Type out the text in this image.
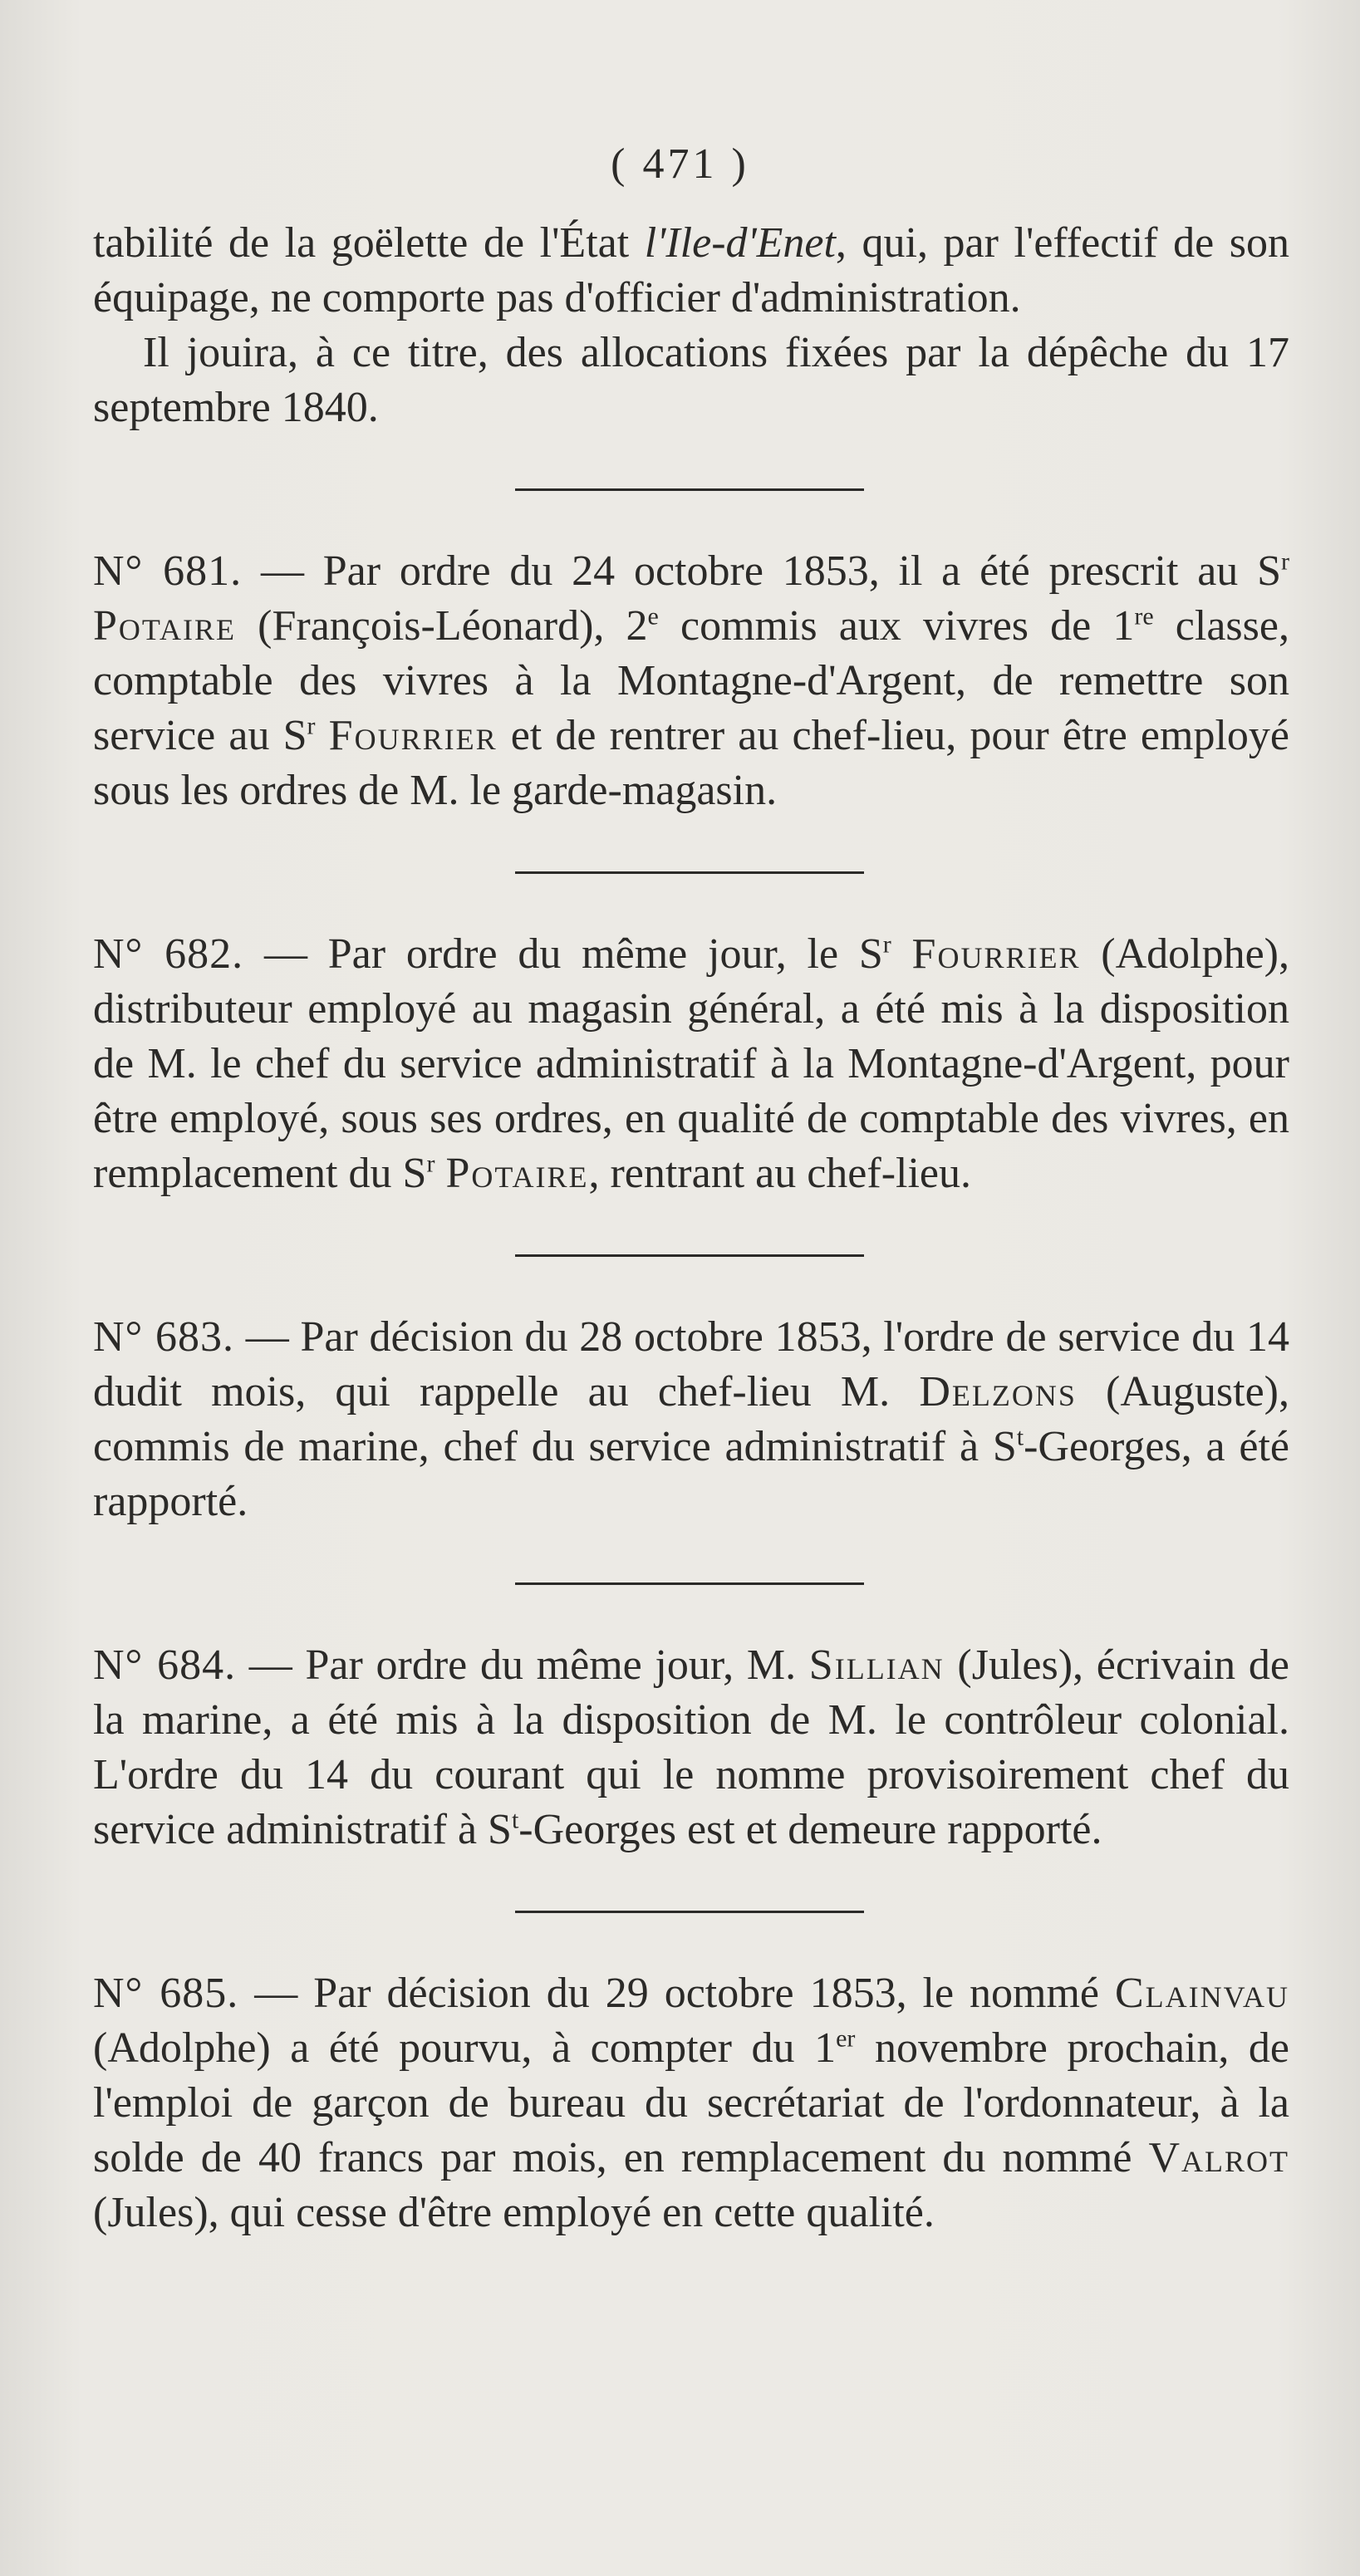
( 471 )

tabilité de la goëlette de l'État l'Ile-d'Enet, qui, par l'effectif de son équipage, ne comporte pas d'officier d'administration.

Il jouira, à ce titre, des allocations fixées par la dépêche du 17 septembre 1840.

N° 681. — Par ordre du 24 octobre 1853, il a été prescrit au $S^r$ Potaire (François-Léonard), 2e commis aux vivres de 1re classe, comptable des vivres à la Montagne-d'Argent, de remettre son service au $S^r$ Fourrier et de rentrer au chef-lieu, pour être employé sous les ordres de M. le garde-magasin.

N° 682. — Par ordre du même jour, le $S^r$ Fourrier (Adolphe), distributeur employé au magasin général, a été mis à la disposition de M. le chef du service administratif à la Montagne-d'Argent, pour être employé, sous ses ordres, en qualité de comptable des vivres, en remplacement du $S^r$ Potaire, rentrant au chef-lieu.

N° 683. — Par décision du 28 octobre 1853, l'ordre de service du 14 dudit mois, qui rappelle au chef-lieu M. Delzons (Auguste), commis de marine, chef du service administratif à $S^t$-Georges, a été rapporté.

N° 684. — Par ordre du même jour, M. Sillian (Jules), écrivain de la marine, a été mis à la disposition de M. le contrôleur colonial. L'ordre du 14 du courant qui le nomme provisoirement chef du service administratif à $S^t$-Georges est et demeure rapporté.

N° 685. — Par décision du 29 octobre 1853, le nommé Clainvau (Adolphe) a été pourvu, à compter du 1er novembre prochain, de l'emploi de garçon de bureau du secrétariat de l'ordonnateur, à la solde de 40 francs par mois, en remplacement du nommé Valrot (Jules), qui cesse d'être employé en cette qualité.
